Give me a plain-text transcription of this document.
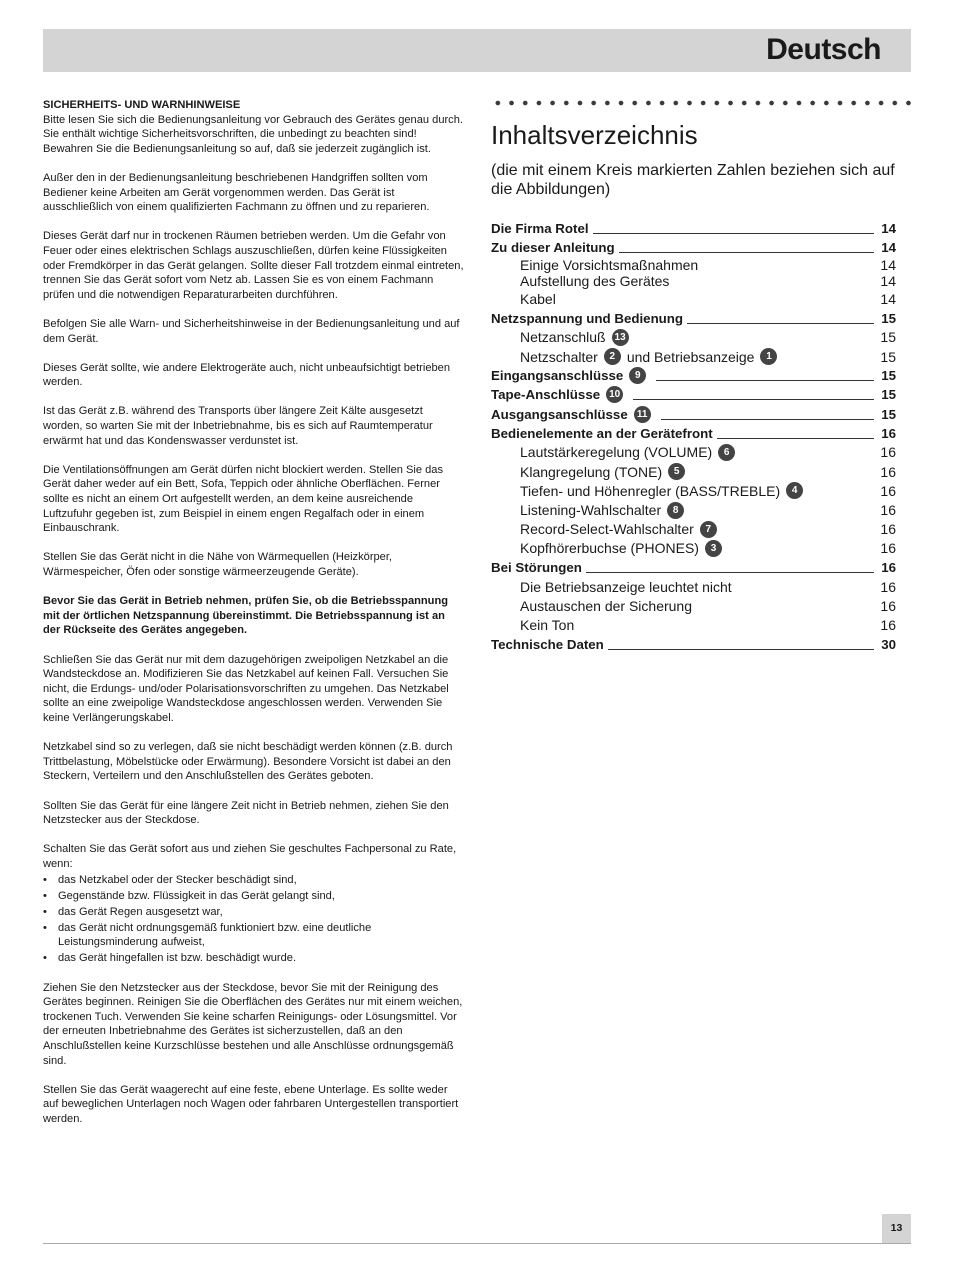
Deutsch

SICHERHEITS- UND WARNHINWEISE

Bitte lesen Sie sich die Bedienungsanleitung vor Gebrauch des Gerätes genau durch. Sie enthält wichtige Sicherheitsvorschriften, die unbedingt zu beachten sind! Bewahren Sie die Bedienungsanleitung so auf, daß sie jederzeit zugänglich ist.

Außer den in der Bedienungsanleitung beschriebenen Handgriffen sollten vom Bediener keine Arbeiten am Gerät vorgenommen werden. Das Gerät ist ausschließlich von einem qualifizierten Fachmann zu öffnen und zu reparieren.

Dieses Gerät darf nur in trockenen Räumen betrieben werden. Um die Gefahr von Feuer oder eines elektrischen Schlags auszuschließen, dürfen keine Flüssigkeiten oder Fremdkörper in das Gerät gelangen. Sollte dieser Fall trotzdem einmal eintreten, trennen Sie das Gerät sofort vom Netz ab. Lassen Sie es von einem Fachmann prüfen und die notwendigen Reparaturarbeiten durchführen.

Befolgen Sie alle Warn- und Sicherheitshinweise in der Bedienungsanleitung und auf dem Gerät.

Dieses Gerät sollte, wie andere Elektrogeräte auch, nicht unbeaufsichtigt betrieben werden.

Ist das Gerät z.B. während des Transports über längere Zeit Kälte ausgesetzt worden, so warten Sie mit der Inbetriebnahme, bis es sich auf Raumtemperatur erwärmt hat und das Kondenswasser verdunstet ist.

Die Ventilationsöffnungen am Gerät dürfen nicht blockiert werden. Stellen Sie das Gerät daher weder auf ein Bett, Sofa, Teppich oder ähnliche Oberflächen. Ferner sollte es nicht an einem Ort aufgestellt werden, an dem keine ausreichende Luftzufuhr gegeben ist, zum Beispiel in einem engen Regalfach oder in einem Einbauschrank.

Stellen Sie das Gerät nicht in die Nähe von Wärmequellen (Heizkörper, Wärmespeicher, Öfen oder sonstige wärmeerzeugende Geräte).

Bevor Sie das Gerät in Betrieb nehmen, prüfen Sie, ob die Betriebsspannung mit der örtlichen Netzspannung übereinstimmt. Die Betriebsspannung ist an der Rückseite des Gerätes angegeben.

Schließen Sie das Gerät nur mit dem dazugehörigen zweipoligen Netzkabel an die Wandsteckdose an. Modifizieren Sie das Netzkabel auf keinen Fall. Versuchen Sie nicht, die Erdungs- und/oder Polarisationsvorschriften zu umgehen. Das Netzkabel sollte an eine zweipolige Wandsteckdose angeschlossen werden. Verwenden Sie keine Verlängerungskabel.

Netzkabel sind so zu verlegen, daß sie nicht beschädigt werden können (z.B. durch Trittbelastung, Möbelstücke oder Erwärmung). Besondere Vorsicht ist dabei an den Steckern, Verteilern und den Anschlußstellen des Gerätes geboten.

Sollten Sie das Gerät für eine längere Zeit nicht in Betrieb nehmen, ziehen Sie den Netzstecker aus der Steckdose.

Schalten Sie das Gerät sofort aus und ziehen Sie geschultes Fachpersonal zu Rate, wenn:

• das Netzkabel oder der Stecker beschädigt sind,
• Gegenstände bzw. Flüssigkeit in das Gerät gelangt sind,
• das Gerät Regen ausgesetzt war,
• das Gerät nicht ordnungsgemäß funktioniert bzw. eine deutliche Leistungsminderung aufweist,
• das Gerät hingefallen ist bzw. beschädigt wurde.

Ziehen Sie den Netzstecker aus der Steckdose, bevor Sie mit der Reinigung des Gerätes beginnen. Reinigen Sie die Oberflächen des Gerätes nur mit einem weichen, trockenen Tuch. Verwenden Sie keine scharfen Reinigungs- oder Lösungsmittel. Vor der erneuten Inbetriebnahme des Gerätes ist sicherzustellen, daß an den Anschlußstellen keine Kurzschlüsse bestehen und alle Anschlüsse ordnungsgemäß sind.

Stellen Sie das Gerät waagerecht auf eine feste, ebene Unterlage. Es sollte weder auf beweglichen Unterlagen noch Wagen oder fahrbaren Untergestellen transportiert werden.

Inhaltsverzeichnis
(die mit einem Kreis markierten Zahlen beziehen sich auf die Abbildungen)
Die Firma Rotel	14
Zu dieser Anleitung	14
Einige Vorsichtsmaßnahmen	14
Aufstellung des Gerätes	14
Kabel	14
Netzspannung und Bedienung	15
Netzanschluß 13	15
Netzschalter	2 und Betriebsanzeige	1	15
Eingangsanschlüsse	9	15
Tape-Anschlüsse 10	15
Ausgangsanschlüsse 11	15
Bedienelemente an der Gerätefront	16
Lautstärkeregelung (VOLUME)	6	16
Klangregelung (TONE)	5	16
Tiefen- und Höhenregler (BASS/TREBLE)	4	16
Listening-Wahlschalter	8	16
Record-Select-Wahlschalter	7	16
Kopfhörerbuchse (PHONES)	3	16
Bei Störungen	16
Die Betriebsanzeige leuchtet nicht	16
Austauschen der Sicherung	16
Kein Ton	16
Technische Daten	30
13
